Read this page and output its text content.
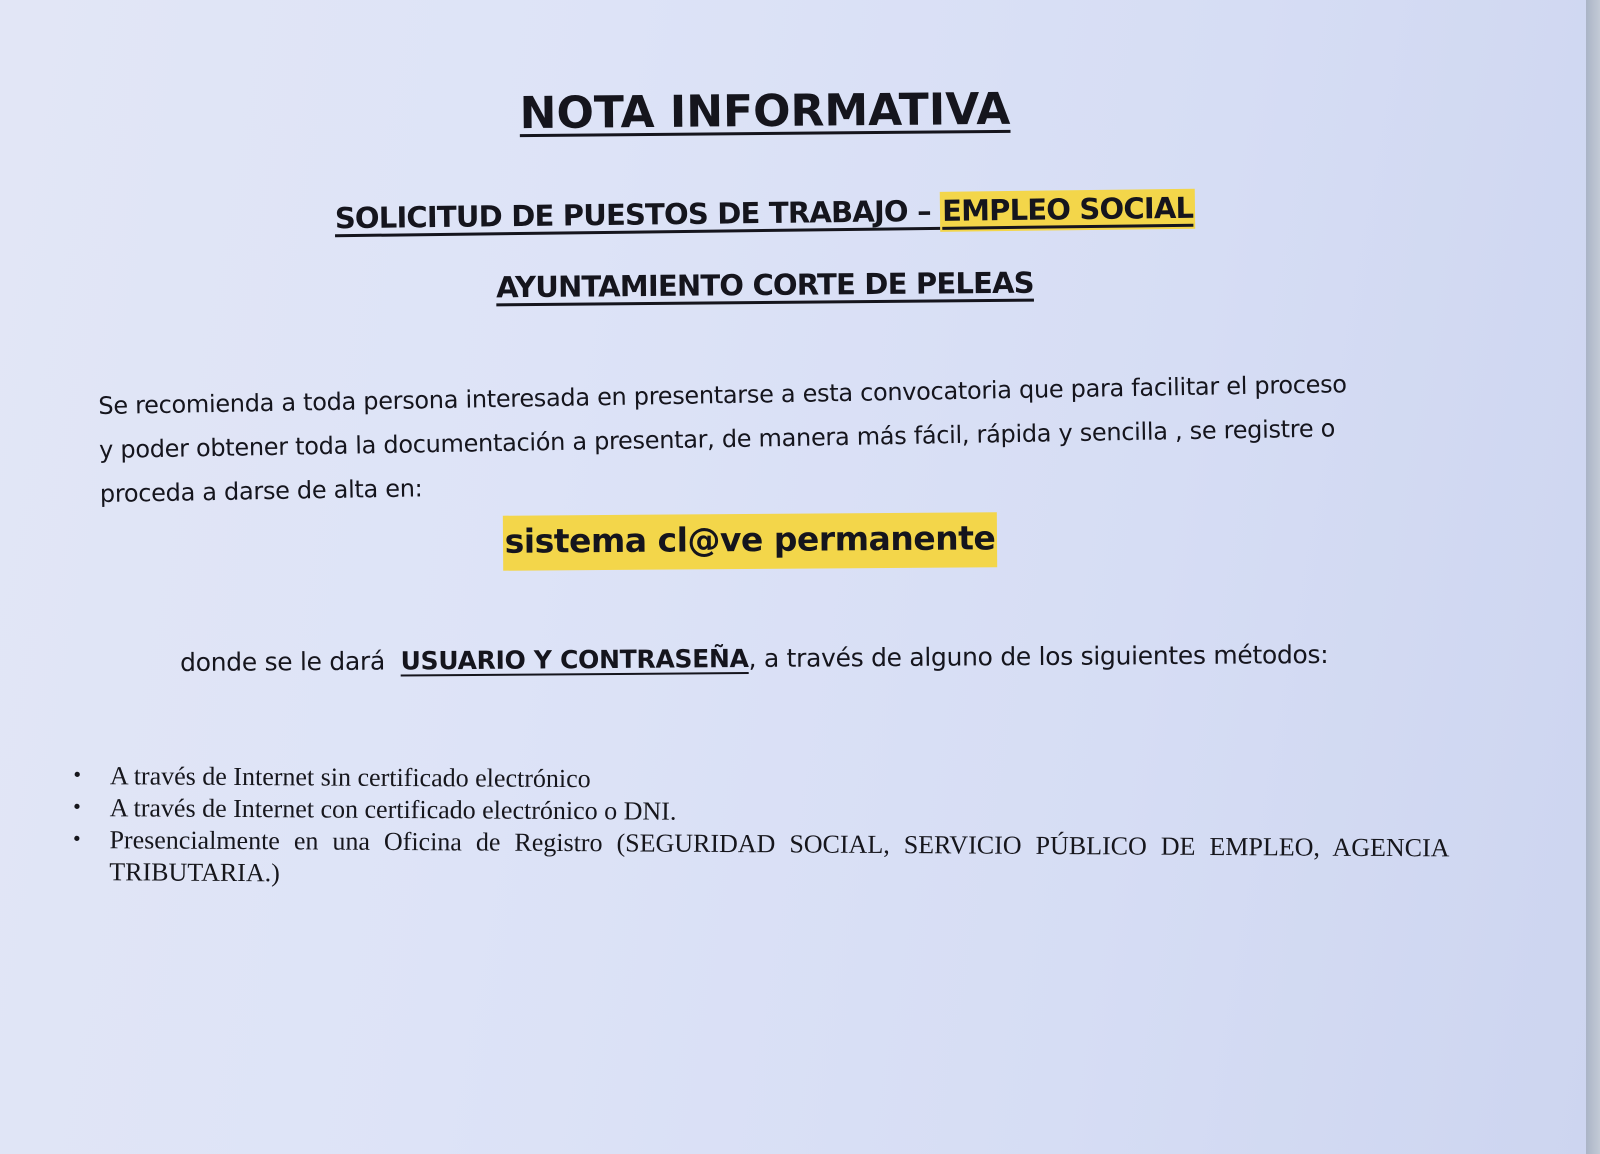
NOTA INFORMATIVA
SOLICITUD DE PUESTOS DE TRABAJO – EMPLEO SOCIAL
AYUNTAMIENTO CORTE DE PELEAS
Se recomienda a toda persona interesada en presentarse a esta convocatoria que para facilitar el proceso
y poder obtener toda la documentación a presentar, de manera más fácil, rápida y sencilla , se registre o
proceda a darse de alta en:
sistema cl@ve permanente
donde se le dará USUARIO Y CONTRASEÑA, a través de alguno de los siguientes métodos:
• A través de Internet sin certificado electrónico
• A través de Internet con certificado electrónico o DNI.
• Presencialmente en una Oficina de Registro (SEGURIDAD SOCIAL, SERVICIO PÚBLICO DE EMPLEO, AGENCIA TRIBUTARIA.)
